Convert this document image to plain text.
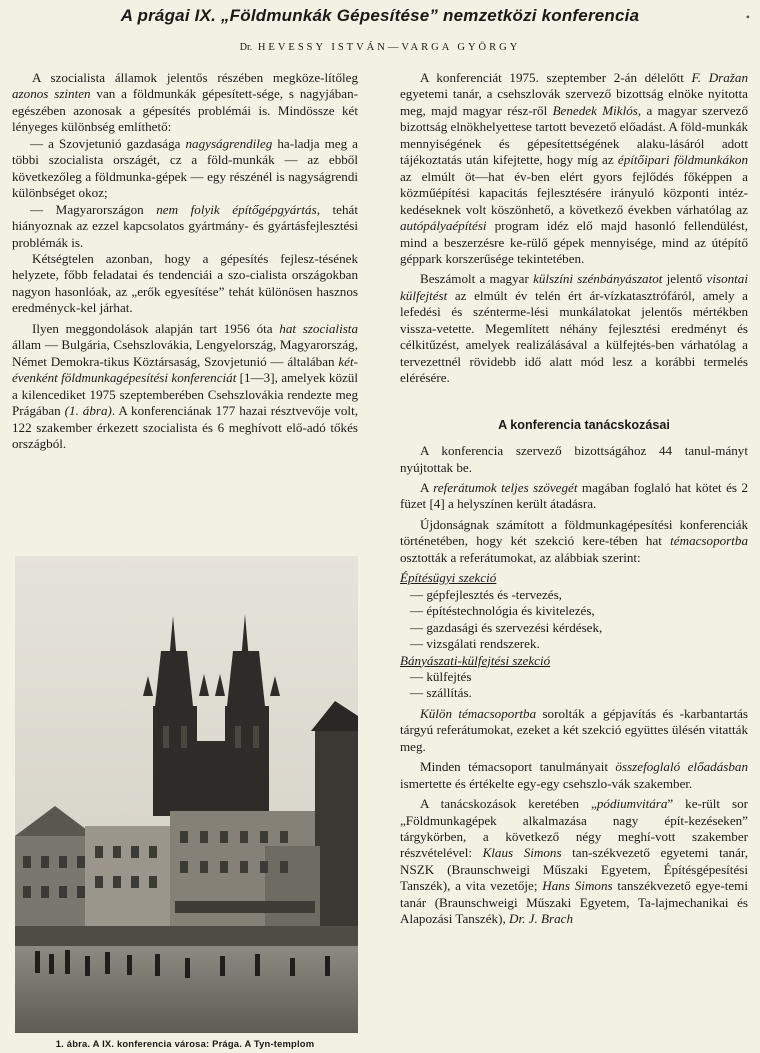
A prágai IX. „Földmunkák Gépesítése” nemzetközi konferencia	•
Dr. HEVESSY ISTVÁN—VARGA GYÖRGY

A szocialista államok jelentős részében megköze-lítőleg azonos szinten van a földmunkák gépesített-sége, s nagyjában-egészében azonosak a gépesítés problémái is. Mindössze két lényeges különbség említhető:

— a Szovjetunió gazdasága nagyságrendileg ha-ladja meg a többi szocialista országét, cz a föld-munkák — az ebből következőleg a földmunka-gépek — egy részénél is nagyságrendi különbséget okoz;

— Magyarországon nem folyik építőgépgyártás, tehát hiányoznak az ezzel kapcsolatos gyártmány- és gyártásfejlesztési problémák is.

Kétségtelen azonban, hogy a gépesítés fejlesz-tésének helyzete, főbb feladatai és tendenciái a szo-cialista országokban nagyon hasonlóak, az „erők egyesítése” tehát különösen hasznos eredményck-kel járhat.

Ilyen meggondolások alapján tart 1956 óta hat szocialista állam — Bulgária, Csehszlovákia, Lengyelország, Magyarország, Német Demokra-tikus Köztársaság, Szovjetunió — általában két-évenként földmunkagépesítési konferenciát [1—3], amelyek közül a kilencediket 1975 szeptemberében Csehszlovákia rendezte meg Prágában (1. ábra). A konferenciának 177 hazai résztvevője volt, 122 szakember érkezett szocialista és 6 meghívott elő-adó tőkés országból.

1. ábra. A IX. konferencia városa: Prága. A Tyn-templom

A konferenciát 1975. szeptember 2-án délelőtt F. Dražan egyetemi tanár, a csehszlovák szervező bizottság elnöke nyitotta meg, majd magyar rész-ről Benedek Miklós, a magyar szervező bizottság elnökhelyettese tartott bevezető előadást. A föld-munkák mennyiségének és gépesítettségének alaku-lásáról adott tájékoztatás után kifejtette, hogy míg az építőipari földmunkákon az elmúlt öt—hat év-ben elért gyors fejlődés főképpen a közműépítési kapacitás fejlesztésére irányuló központi intéz-kedéseknek volt köszönhető, a következő években várhatólag az autópályaépítési program idéz elő majd hasonló fellendülést, mind a beszerzésre ke-rülő gépek mennyisége, mind az útépítő géppark korszerűsége tekintetében.

Beszámolt a magyar külszíni szénbányászatot jelentő visontai külfejtést az elmúlt év telén ért ár-vízkatasztrófáról, amely a lefedési és szénterme-lési munkálatokat jelentős mértékben vissza-vetette. Megemlített néhány fejlesztési eredményt és célkitűzést, amelyek realizálásával a külfejtés-ben várhatólag a tervezettnél rövidebb idő alatt mód lesz a korábbi termelés elérésére.

A konferencia tanácskozásai

A konferencia szervező bizottságához 44 tanul-mányt nyújtottak be.

A referátumok teljes szövegét magában foglaló hat kötet és 2 füzet [4] a helyszínen került átadásra.

Újdonságnak számított a földmunkagépesítési konferenciák történetében, hogy két szekció kere-tében hat témacsoportba osztották a referátumokat, az alábbiak szerint:

Építésügyi szekció

— gépfejlesztés és -tervezés,

— építéstechnológia és kivitelezés,

— gazdasági és szervezési kérdések,

— vizsgálati rendszerek.

Bányászati-külfejtési szekció

— külfejtés

— szállítás.

Külön témacsoportba sorolták a gépjavítás és -karbantartás tárgyú referátumokat, ezeket a két szekció együttes ülésén vitatták meg.

Minden témacsoport tanulmányait összefoglaló előadásban ismertette és értékelte egy-egy csehszlo-vák szakember.

A tanácskozások keretében „pódiumvitára” ke-rült sor „Földmunkagépek alkalmazása nagy épít-kezéseken” tárgykörben, a következő négy meghí-vott szakember részvételével: Klaus Simons tan-székvezető egyetemi tanár, NSZK (Braunschweigi Műszaki Egyetem, Építésgépesítési Tanszék), a vita vezetője; Hans Simons tanszékvezető egye-temi tanár (Braunschweigi Műszaki Egyetem, Ta-lajmechanikai és Alapozási Tanszék), Dr. J. Brach
